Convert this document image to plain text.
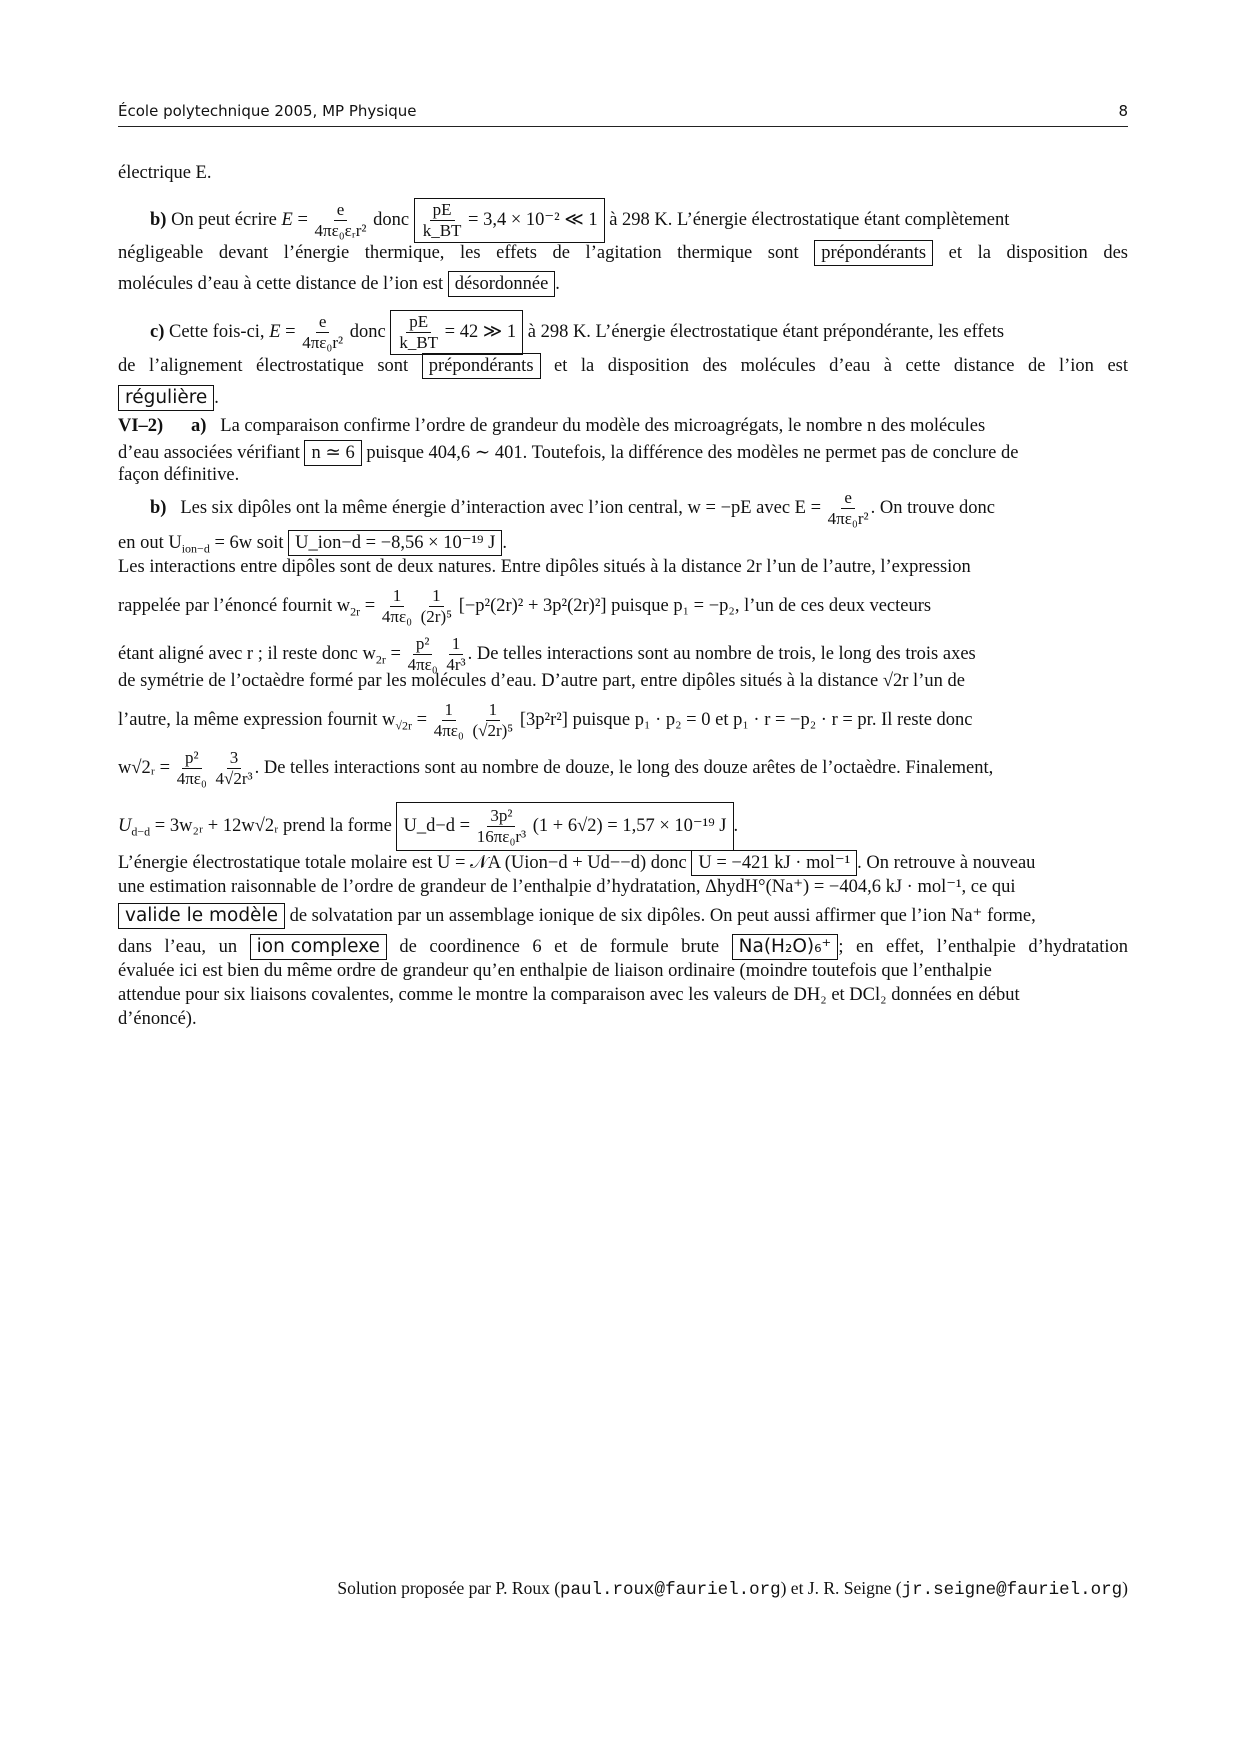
École polytechnique 2005, MP Physique	8
électrique E.
b) On peut écrire $E = \frac{e}{\text{4πε₀εᵣr²}}$ donc $\frac{pE}{k\_BT} = 3,4 \times 10^{-2}$ ≪ 1 à 298 K. L’énergie électrostatique étant complètement
négligeable devant l’énergie thermique, les effets de l’agitation thermique sont prépondérants et la disposition des
molécules d’eau à cette distance de l’ion est désordonnée .
c) Cette fois-ci, $E = \frac{e}{\text{4πε₀r²}}$ donc $\frac{pE}{k\_BT} = 42$ ≫ 1 à 298 K. L’énergie électrostatique étant prépondérante, les effets
de l’alignement électrostatique sont prépondérants et la disposition des molécules d’eau à cette distance de l’ion est
régulière .
VI–2) a) La comparaison confirme l’ordre de grandeur du modèle des microagrégats, le nombre n des molécules
d’eau associées vérifiant n ≃ 6 puisque 404,6 ∼ 401. Toutefois, la différence des modèles ne permet pas de conclure de
façon définitive.
b) Les six dipôles ont la même énergie d’interaction avec l’ion central, w = −pE avec $E = \frac{e}{\text{4πε₀r²}}$ . On trouve donc
en out $U_{ion-d} = 6w$ soit U_ion−d = −8,56 × 10⁻¹⁹ J .
Les interactions entre dipôles sont de deux natures. Entre dipôles situés à la distance 2r l’un de l’autre, l’expression
rappelée par l’énoncé fournit $w_{2r} = \frac{1}{\text{4πε₀}}$
$\frac{1}{\text{(2r)⁵}} [-p^2(2r)^2 + 3p^2(2r)^2]$ puisque p₁ = −p₂, l’un de ces deux vecteurs
étant aligné avec r ; il reste donc $w_{2r} = \frac{\text{p²}}{\text{4πε₀}}$
$\frac{1}{\text{4r³}}$ . De telles interactions sont au nombre de trois, le long des trois axes
de symétrie de l’octaèdre formé par les molécules d’eau. D’autre part, entre dipôles situés à la distance √2r l’un de
l’autre, la même expression fournit $w_{√2r} = \frac{1}{\text{4πε₀}}$
$\frac{1}{\text{(√2r)⁵}} [3p^2r^2]$ puisque p₁ · p₂ = 0 et p₁ · r = −p₂ · r = pr. Il reste donc
w√2ᵣ = $\frac{\text{p²}}{\text{4πε₀}}$
$\frac{3}{\text{4√2r³}}$ . De telles interactions sont au nombre de douze, le long des douze arêtes de l’octaèdre. Finalement,
$U_{d-d}$ = 3w₂ᵣ + 12w√2ᵣ prend la forme U_d−d = $\frac{\text{3p²}}{\text{16πε₀r³}} (1 + 6√2) = 1,57 \times 10^{-19}$ J .
L’énergie électrostatique totale molaire est U = 𝒩A (Uion−d + Ud−−d) donc U = −421 kJ · mol⁻¹ . On retrouve à nouveau
une estimation raisonnable de l’ordre de grandeur de l’enthalpie d’hydratation, ΔhydH°(Na⁺) = −404,6 kJ · mol⁻¹, ce qui
valide le modèle de solvatation par un assemblage ionique de six dipôles. On peut aussi affirmer que l’ion Na⁺ forme,
dans l’eau, un ion complexe de coordinence 6 et de formule brute Na(H₂O)₆⁺ ; en effet, l’enthalpie d’hydratation
évaluée ici est bien du même ordre de grandeur qu’en enthalpie de liaison ordinaire (moindre toutefois que l’enthalpie
attendue pour six liaisons covalentes, comme le montre la comparaison avec les valeurs de DH₂ et DCl₂ données en début
d’énoncé).
Solution proposée par P. Roux (paul.roux@fauriel.org) et J. R. Seigne (jr.seigne@fauriel.org)
